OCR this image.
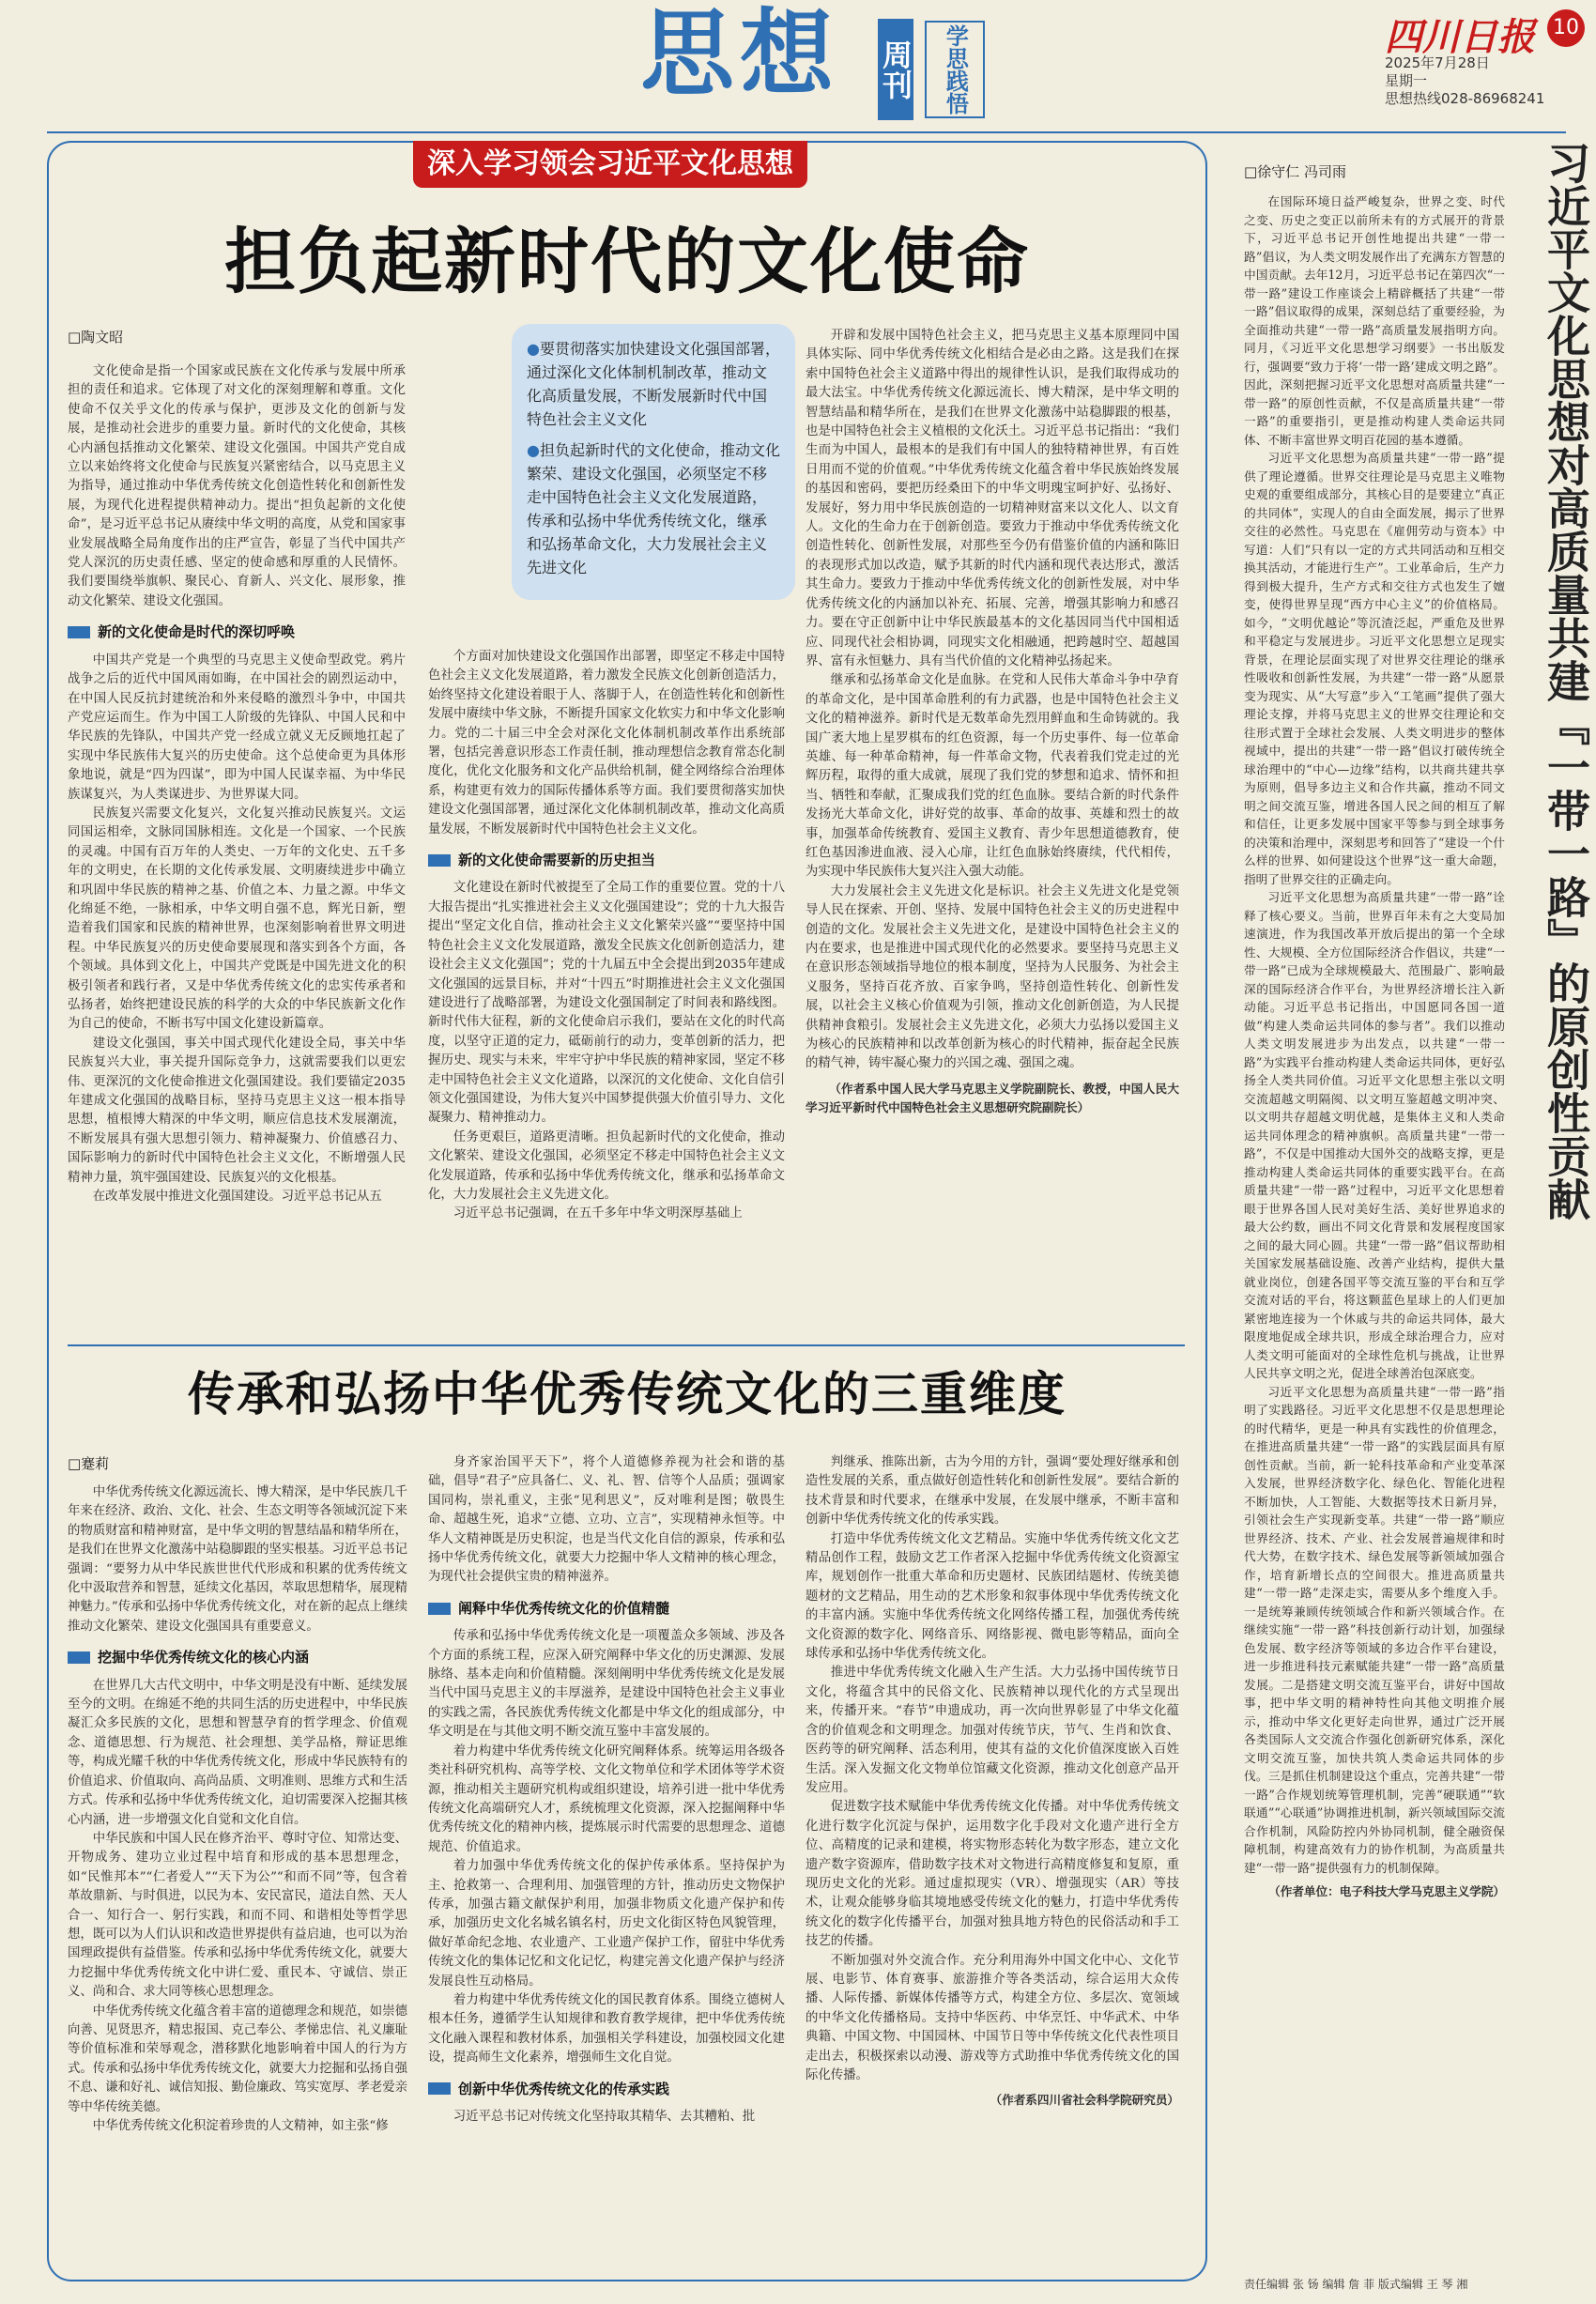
思想 周刊 学思践悟	四川日报 10
2025年7月28日
星期一
思想热线028-86968241
深入学习领会习近平文化思想
担负起新时代的文化使命
□陶文昭

●要贯彻落实加快建设文化强国部署，通过深化文化体制机制改革，推动文化高质量发展，不断发展新时代中国特色社会主义文化

●担负起新时代的文化使命，推动文化繁荣、建设文化强国，必须坚定不移走中国特色社会主义文化发展道路，传承和弘扬中华优秀传统文化，继承和弘扬革命文化，大力发展社会主义先进文化

文化使命是指一个国家或民族在文化传承与发展中所承担的责任和追求。它体现了对文化的深刻理解和尊重。文化使命不仅关乎文化的传承与保护，更涉及文化的创新与发展，是推动社会进步的重要力量。新时代的文化使命，其核心内涵包括推动文化繁荣、建设文化强国。中国共产党自成立以来始终将文化使命与民族复兴紧密结合，以马克思主义为指导，通过推动中华优秀传统文化创造性转化和创新性发展，为现代化进程提供精神动力。提出“担负起新的文化使命”，是习近平总书记从赓续中华文明的高度，从党和国家事业发展战略全局角度作出的庄严宣告，彰显了当代中国共产党人深沉的历史责任感、坚定的使命感和厚重的人民情怀。我们要围绕举旗帜、聚民心、育新人、兴文化、展形象，推动文化繁荣、建设文化强国。

新的文化使命是时代的深切呼唤

中国共产党是一个典型的马克思主义使命型政党。鸦片战争之后的近代中国风雨如晦，在中国社会的剧烈运动中，在中国人民反抗封建统治和外来侵略的激烈斗争中，中国共产党应运而生。作为中国工人阶级的先锋队、中国人民和中华民族的先锋队，中国共产党一经成立就义无反顾地扛起了实现中华民族伟大复兴的历史使命。这个总使命更为具体形象地说，就是“四为四谋”，即为中国人民谋幸福、为中华民族谋复兴，为人类谋进步、为世界谋大同。

民族复兴需要文化复兴，文化复兴推动民族复兴。文运同国运相牵，文脉同国脉相连。文化是一个国家、一个民族的灵魂。中国有百万年的人类史、一万年的文化史、五千多年的文明史，在长期的文化传承发展、文明赓续进步中确立和巩固中华民族的精神之基、价值之本、力量之源。中华文化绵延不绝，一脉相承，中华文明自强不息，辉光日新，塑造着我们国家和民族的精神世界，也深刻影响着世界文明进程。中华民族复兴的历史使命要展现和落实到各个方面，各个领域。具体到文化上，中国共产党既是中国先进文化的积极引领者和践行者，又是中华优秀传统文化的忠实传承者和弘扬者，始终把建设民族的科学的大众的中华民族新文化作为自己的使命，不断书写中国文化建设新篇章。

建设文化强国，事关中国式现代化建设全局，事关中华民族复兴大业，事关提升国际竞争力，这就需要我们以更宏伟、更深沉的文化使命推进文化强国建设。我们要锚定2035年建成文化强国的战略目标，坚持马克思主义这一根本指导思想，植根博大精深的中华文明，顺应信息技术发展潮流，不断发展具有强大思想引领力、精神凝聚力、价值感召力、国际影响力的新时代中国特色社会主义文化，不断增强人民精神力量，筑牢强国建设、民族复兴的文化根基。

在改革发展中推进文化强国建设。习近平总书记从五

个方面对加快建设文化强国作出部署，即坚定不移走中国特色社会主义文化发展道路，着力激发全民族文化创新创造活力，始终坚持文化建设着眼于人、落脚于人，在创造性转化和创新性发展中赓续中华文脉，不断提升国家文化软实力和中华文化影响力。党的二十届三中全会对深化文化体制机制改革作出系统部署，包括完善意识形态工作责任制，推动理想信念教育常态化制度化，优化文化服务和文化产品供给机制，健全网络综合治理体系，构建更有效力的国际传播体系等方面。我们要贯彻落实加快建设文化强国部署，通过深化文化体制机制改革，推动文化高质量发展，不断发展新时代中国特色社会主义文化。

新的文化使命需要新的历史担当

文化建设在新时代被提至了全局工作的重要位置。党的十八大报告提出“扎实推进社会主义文化强国建设”；党的十九大报告提出“坚定文化自信，推动社会主义文化繁荣兴盛”“要坚持中国特色社会主义文化发展道路，激发全民族文化创新创造活力，建设社会主义文化强国”；党的十九届五中全会提出到2035年建成文化强国的远景目标，并对“十四五”时期推进社会主义文化强国建设进行了战略部署，为建设文化强国制定了时间表和路线图。新时代伟大征程，新的文化使命启示我们，要站在文化的时代高度，以坚守正道的定力，砥砺前行的动力，变革创新的活力，把握历史、现实与未来，牢牢守护中华民族的精神家园，坚定不移走中国特色社会主义文化道路，以深沉的文化使命、文化自信引领文化强国建设，为伟大复兴中国梦提供强大价值引导力、文化凝聚力、精神推动力。

任务更艰巨，道路更清晰。担负起新时代的文化使命，推动文化繁荣、建设文化强国，必须坚定不移走中国特色社会主义文化发展道路，传承和弘扬中华优秀传统文化，继承和弘扬革命文化，大力发展社会主义先进文化。

习近平总书记强调，在五千多年中华文明深厚基础上

开辟和发展中国特色社会主义，把马克思主义基本原理同中国具体实际、同中华优秀传统文化相结合是必由之路。这是我们在探索中国特色社会主义道路中得出的规律性认识，是我们取得成功的最大法宝。中华优秀传统文化源远流长、博大精深，是中华文明的智慧结晶和精华所在，是我们在世界文化激荡中站稳脚跟的根基，也是中国特色社会主义植根的文化沃土。习近平总书记指出：“我们生而为中国人，最根本的是我们有中国人的独特精神世界，有百姓日用而不觉的价值观。”中华优秀传统文化蕴含着中华民族始终发展的基因和密码，要把历经桑田下的中华文明瑰宝呵护好、弘扬好、发展好，努力用中华民族创造的一切精神财富来以文化人、以文育人。文化的生命力在于创新创造。要致力于推动中华优秀传统文化创造性转化、创新性发展，对那些至今仍有借鉴价值的内涵和陈旧的表现形式加以改造，赋予其新的时代内涵和现代表达形式，激活其生命力。要致力于推动中华优秀传统文化的创新性发展，对中华优秀传统文化的内涵加以补充、拓展、完善，增强其影响力和感召力。要在守正创新中让中华民族最基本的文化基因同当代中国相适应、同现代社会相协调，同现实文化相融通，把跨越时空、超越国界、富有永恒魅力、具有当代价值的文化精神弘扬起来。

继承和弘扬革命文化是血脉。在党和人民伟大革命斗争中孕育的革命文化，是中国革命胜利的有力武器，也是中国特色社会主义文化的精神滋养。新时代是无数革命先烈用鲜血和生命铸就的。我国广袤大地上星罗棋布的红色资源，每一个历史事件、每一位革命英雄、每一种革命精神，每一件革命文物，代表着我们党走过的光辉历程，取得的重大成就，展现了我们党的梦想和追求、情怀和担当、牺牲和奉献，汇聚成我们党的红色血脉。要结合新的时代条件发扬光大革命文化，讲好党的故事、革命的故事、英雄和烈士的故事，加强革命传统教育、爱国主义教育、青少年思想道德教育，使红色基因渗进血液、浸入心扉，让红色血脉始终赓续，代代相传，为实现中华民族伟大复兴注入强大动能。

大力发展社会主义先进文化是标识。社会主义先进文化是党领导人民在探索、开创、坚持、发展中国特色社会主义的历史进程中创造的文化。发展社会主义先进文化，是建设中国特色社会主义的内在要求，也是推进中国式现代化的必然要求。要坚持马克思主义在意识形态领域指导地位的根本制度，坚持为人民服务、为社会主义服务，坚持百花齐放、百家争鸣，坚持创造性转化、创新性发展，以社会主义核心价值观为引领，推动文化创新创造，为人民提供精神食粮引。发展社会主义先进文化，必须大力弘扬以爱国主义为核心的民族精神和以改革创新为核心的时代精神，振奋起全民族的精气神，铸牢凝心聚力的兴国之魂、强国之魂。

（作者系中国人民大学马克思主义学院副院长、教授，中国人民大学习近平新时代中国特色社会主义思想研究院副院长）
传承和弘扬中华优秀传统文化的三重维度
□蹇莉

中华优秀传统文化源远流长、博大精深，是中华民族几千年来在经济、政治、文化、社会、生态文明等各领域沉淀下来的物质财富和精神财富，是中华文明的智慧结晶和精华所在，是我们在世界文化激荡中站稳脚跟的坚实根基。习近平总书记强调：“要努力从中华民族世世代代形成和积累的优秀传统文化中汲取营养和智慧，延续文化基因，萃取思想精华，展现精神魅力。”传承和弘扬中华优秀传统文化，对在新的起点上继续推动文化繁荣、建设文化强国具有重要意义。

挖掘中华优秀传统文化的核心内涵

在世界几大古代文明中，中华文明是没有中断、延续发展至今的文明。在绵延不绝的共同生活的历史进程中，中华民族凝汇众多民族的文化，思想和智慧孕育的哲学理念、价值观念、道德思想、行为规范、社会理想、美学品格，辩证思维等，构成光耀千秋的中华优秀传统文化，形成中华民族特有的价值追求、价值取向、高尚品质、文明准则、思维方式和生活方式。传承和弘扬中华优秀传统文化，迫切需要深入挖掘其核心内涵，进一步增强文化自觉和文化自信。

中华民族和中国人民在修齐治平、尊时守位、知常达变、开物成务、建功立业过程中培育和形成的基本思想理念，如“民惟邦本”“仁者爱人”“天下为公”“和而不同”等，包含着革故鼎新、与时俱进，以民为本、安民富民，道法自然、天人合一、知行合一、躬行实践，和而不同、和谐相处等哲学思想，既可以为人们认识和改造世界提供有益启迪，也可以为治国理政提供有益借鉴。传承和弘扬中华优秀传统文化，就要大力挖掘中华优秀传统文化中讲仁爱、重民本、守诚信、崇正义、尚和合、求大同等核心思想理念。

中华优秀传统文化蕴含着丰富的道德理念和规范，如崇德向善、见贤思齐，精忠报国、克己奉公、孝悌忠信、礼义廉耻等价值标准和荣辱观念，潜移默化地影响着中国人的行为方式。传承和弘扬中华优秀传统文化，就要大力挖掘和弘扬自强不息、谦和好礼、诚信知报、勤俭廉政、笃实宽厚、孝老爱亲等中华传统美德。

中华优秀传统文化积淀着珍贵的人文精神，如主张“修

身齐家治国平天下”，将个人道德修养视为社会和谐的基础，倡导“君子”应具备仁、义、礼、智、信等个人品质；强调家国同构，崇礼重义，主张“见利思义”，反对唯利是图；敬畏生命、超越生死，追求“立德、立功、立言”，实现精神永恒等。中华人文精神既是历史积淀，也是当代文化自信的源泉，传承和弘扬中华优秀传统文化，就要大力挖掘中华人文精神的核心理念，为现代社会提供宝贵的精神滋养。

阐释中华优秀传统文化的价值精髓

传承和弘扬中华优秀传统文化是一项覆盖众多领域、涉及各个方面的系统工程，应深入研究阐释中华文化的历史渊源、发展脉络、基本走向和价值精髓。深刻阐明中华优秀传统文化是发展当代中国马克思主义的丰厚滋养，是建设中国特色社会主义事业的实践之需，各民族优秀传统文化都是中华文化的组成部分，中华文明是在与其他文明不断交流互鉴中丰富发展的。

着力构建中华优秀传统文化研究阐释体系。统筹运用各级各类社科研究机构、高等学校、文化文物单位和学术团体等学术资源，推动相关主题研究机构或组织建设，培养引进一批中华优秀传统文化高端研究人才，系统梳理文化资源，深入挖掘阐释中华优秀传统文化的精神内核，提炼展示时代需要的思想理念、道德规范、价值追求。

着力加强中华优秀传统文化的保护传承体系。坚持保护为主、抢救第一、合理利用、加强管理的方针，推动历史文物保护传承，加强古籍文献保护利用，加强非物质文化遗产保护和传承，加强历史文化名城名镇名村，历史文化街区特色风貌管理，做好革命纪念地、农业遗产、工业遗产保护工作，留驻中华优秀传统文化的集体记忆和文化记忆，构建完善文化遗产保护与经济发展良性互动格局。

着力构建中华优秀传统文化的国民教育体系。围绕立德树人根本任务，遵循学生认知规律和教育教学规律，把中华优秀传统文化融入课程和教材体系，加强相关学科建设，加强校园文化建设，提高师生文化素养，增强师生文化自觉。

创新中华优秀传统文化的传承实践

习近平总书记对传统文化坚持取其精华、去其糟粕、批

判继承、推陈出新，古为今用的方针，强调“要处理好继承和创造性发展的关系，重点做好创造性转化和创新性发展”。要结合新的技术背景和时代要求，在继承中发展，在发展中继承，不断丰富和创新中华优秀传统文化的传承实践。

打造中华优秀传统文化文艺精品。实施中华优秀传统文化文艺精品创作工程，鼓励文艺工作者深入挖掘中华优秀传统文化资源宝库，规划创作一批重大革命和历史题材、民族团结题材、传统美德题材的文艺精品，用生动的艺术形象和叙事体现中华优秀传统文化的丰富内涵。实施中华优秀传统文化网络传播工程，加强优秀传统文化资源的数字化、网络音乐、网络影视、微电影等精品，面向全球传承和弘扬中华优秀传统文化。

推进中华优秀传统文化融入生产生活。大力弘扬中国传统节日文化，将蕴含其中的民俗文化、民族精神以现代化的方式呈现出来，传播开来。“春节”申遗成功，再一次向世界彰显了中华文化蕴含的价值观念和文明理念。加强对传统节庆，节气、生肖和饮食、医药等的研究阐释、活态利用，使其有益的文化价值深度嵌入百姓生活。深入发掘文化文物单位馆藏文化资源，推动文化创意产品开发应用。

促进数字技术赋能中华优秀传统文化传播。对中华优秀传统文化进行数字化沉淀与保护，运用数字化手段对文化遗产进行全方位、高精度的记录和建模，将实物形态转化为数字形态，建立文化遗产数字资源库，借助数字技术对文物进行高精度修复和复原，重现历史文化的光彩。通过虚拟现实（VR）、增强现实（AR）等技术，让观众能够身临其境地感受传统文化的魅力，打造中华优秀传统文化的数字化传播平台，加强对独具地方特色的民俗活动和手工技艺的传播。

不断加强对外交流合作。充分利用海外中国文化中心、文化节展、电影节、体育赛事、旅游推介等各类活动，综合运用大众传播、人际传播、新媒体传播等方式，构建全方位、多层次、宽领域的中华文化传播格局。支持中华医药、中华烹饪、中华武术、中华典籍、中国文物、中国园林、中国节日等中华传统文化代表性项目走出去，积极探索以动漫、游戏等方式助推中华优秀传统文化的国际化传播。

（作者系四川省社会科学院研究员）
□徐守仁 冯司雨	习近平文化思想对高质量共建『一带一路』的原创性贡献

在国际环境日益严峻复杂，世界之变、时代之变、历史之变正以前所未有的方式展开的背景下，习近平总书记开创性地提出共建“一带一路”倡议，为人类文明发展作出了充满东方智慧的中国贡献。去年12月，习近平总书记在第四次“一带一路”建设工作座谈会上精辟概括了共建“一带一路”倡议取得的成果，深刻总结了重要经验，为全面推动共建“一带一路”高质量发展指明方向。同月，《习近平文化思想学习纲要》一书出版发行，强调要“致力于将‘一带一路’建成文明之路”。因此，深刻把握习近平文化思想对高质量共建“一带一路”的原创性贡献，不仅是高质量共建“一带一路”的重要指引，更是推动构建人类命运共同体、不断丰富世界文明百花园的基本遵循。

习近平文化思想为高质量共建“一带一路”提供了理论遵循。世界交往理论是马克思主义唯物史观的重要组成部分，其核心目的是要建立“真正的共同体”，实现人的自由全面发展，揭示了世界交往的必然性。马克思在《雇佣劳动与资本》中写道：人们“只有以一定的方式共同活动和互相交换其活动，才能进行生产”。工业革命后，生产力得到极大提升，生产方式和交往方式也发生了嬗变，使得世界呈现“西方中心主义”的价值格局。如今，“文明优越论”等沉渣泛起，严重危及世界和平稳定与发展进步。习近平文化思想立足现实背景，在理论层面实现了对世界交往理论的继承性吸收和创新性发展，为共建“一带一路”从愿景变为现实、从“大写意”步入“工笔画”提供了强大理论支撑，并将马克思主义的世界交往理论和交往形式置于全球社会发展、人类文明进步的整体视域中，提出的共建“一带一路”倡议打破传统全球治理中的“中心—边缘”结构，以共商共建共享为原则，倡导多边主义和合作共赢，推动不同文明之间交流互鉴，增进各国人民之间的相互了解和信任，让更多发展中国家平等参与到全球事务的决策和治理中，深刻思考和回答了“建设一个什么样的世界、如何建设这个世界”这一重大命题，指明了世界交往的正确走向。

习近平文化思想为高质量共建“一带一路”诠释了核心要义。当前，世界百年未有之大变局加速演进，作为我国改革开放后提出的第一个全球性、大规模、全方位国际经济合作倡议，共建“一带一路”已成为全球规模最大、范围最广、影响最深的国际经济合作平台，为世界经济增长注入新动能。习近平总书记指出，中国愿同各国一道做“构建人类命运共同体的参与者”。我们以推动人类文明发展进步为出发点，以共建“一带一路”为实践平台推动构建人类命运共同体，更好弘扬全人类共同价值。习近平文化思想主张以文明交流超越文明隔阂、以文明互鉴超越文明冲突、以文明共存超越文明优越，是集体主义和人类命运共同体理念的精神旗帜。高质量共建“一带一路”，不仅是中国推动大国外交的战略支撑，更是推动构建人类命运共同体的重要实践平台。在高质量共建“一带一路”过程中，习近平文化思想着眼于世界各国人民对美好生活、美好世界追求的最大公约数，画出不同文化背景和发展程度国家之间的最大同心圆。共建“一带一路”倡议帮助相关国家发展基础设施、改善产业结构，提供大量就业岗位，创建各国平等交流互鉴的平台和互学交流对话的平台，将这颗蓝色星球上的人们更加紧密地连接为一个休戚与共的命运共同体，最大限度地促成全球共识，形成全球治理合力，应对人类文明可能面对的全球性危机与挑战，让世界人民共享文明之光，促进全球善治包深底变。

习近平文化思想为高质量共建“一带一路”指明了实践路径。习近平文化思想不仅是思想理论的时代精华，更是一种具有实践性的价值理念，在推进高质量共建“一带一路”的实践层面具有原创性贡献。当前，新一轮科技革命和产业变革深入发展，世界经济数字化、绿色化、智能化进程不断加快，人工智能、大数据等技术日新月异，引领社会生产实现新变革。共建“一带一路”顺应世界经济、技术、产业、社会发展普遍规律和时代大势，在数字技术、绿色发展等新领域加强合作，培育新增长点的空间很大。推进高质量共建“一带一路”走深走实，需要从多个维度入手。一是统筹兼顾传统领域合作和新兴领域合作。在继续实施“一带一路”科技创新行动计划，加强绿色发展、数字经济等领域的多边合作平台建设，进一步推进科技元素赋能共建“一带一路”高质量发展。二是搭建文明交流互鉴平台，讲好中国故事，把中华文明的精神特性向其他文明推介展示，推动中华文化更好走向世界，通过广泛开展各类国际人文交流合作强化创新研究体系，深化文明交流互鉴，加快共筑人类命运共同体的步伐。三是抓住机制建设这个重点，完善共建“一带一路”合作规划统筹管理机制，完善“硬联通”“软联通”“心联通”协调推进机制，新兴领域国际交流合作机制，风险防控内外协同机制，健全融资保障机制，构建高效有力的协作机制，为高质量共建“一带一路”提供强有力的机制保障。

（作者单位：电子科技大学马克思主义学院）
责任编辑 张 钖 编辑 詹 菲 版式编辑 王 琴 湘
